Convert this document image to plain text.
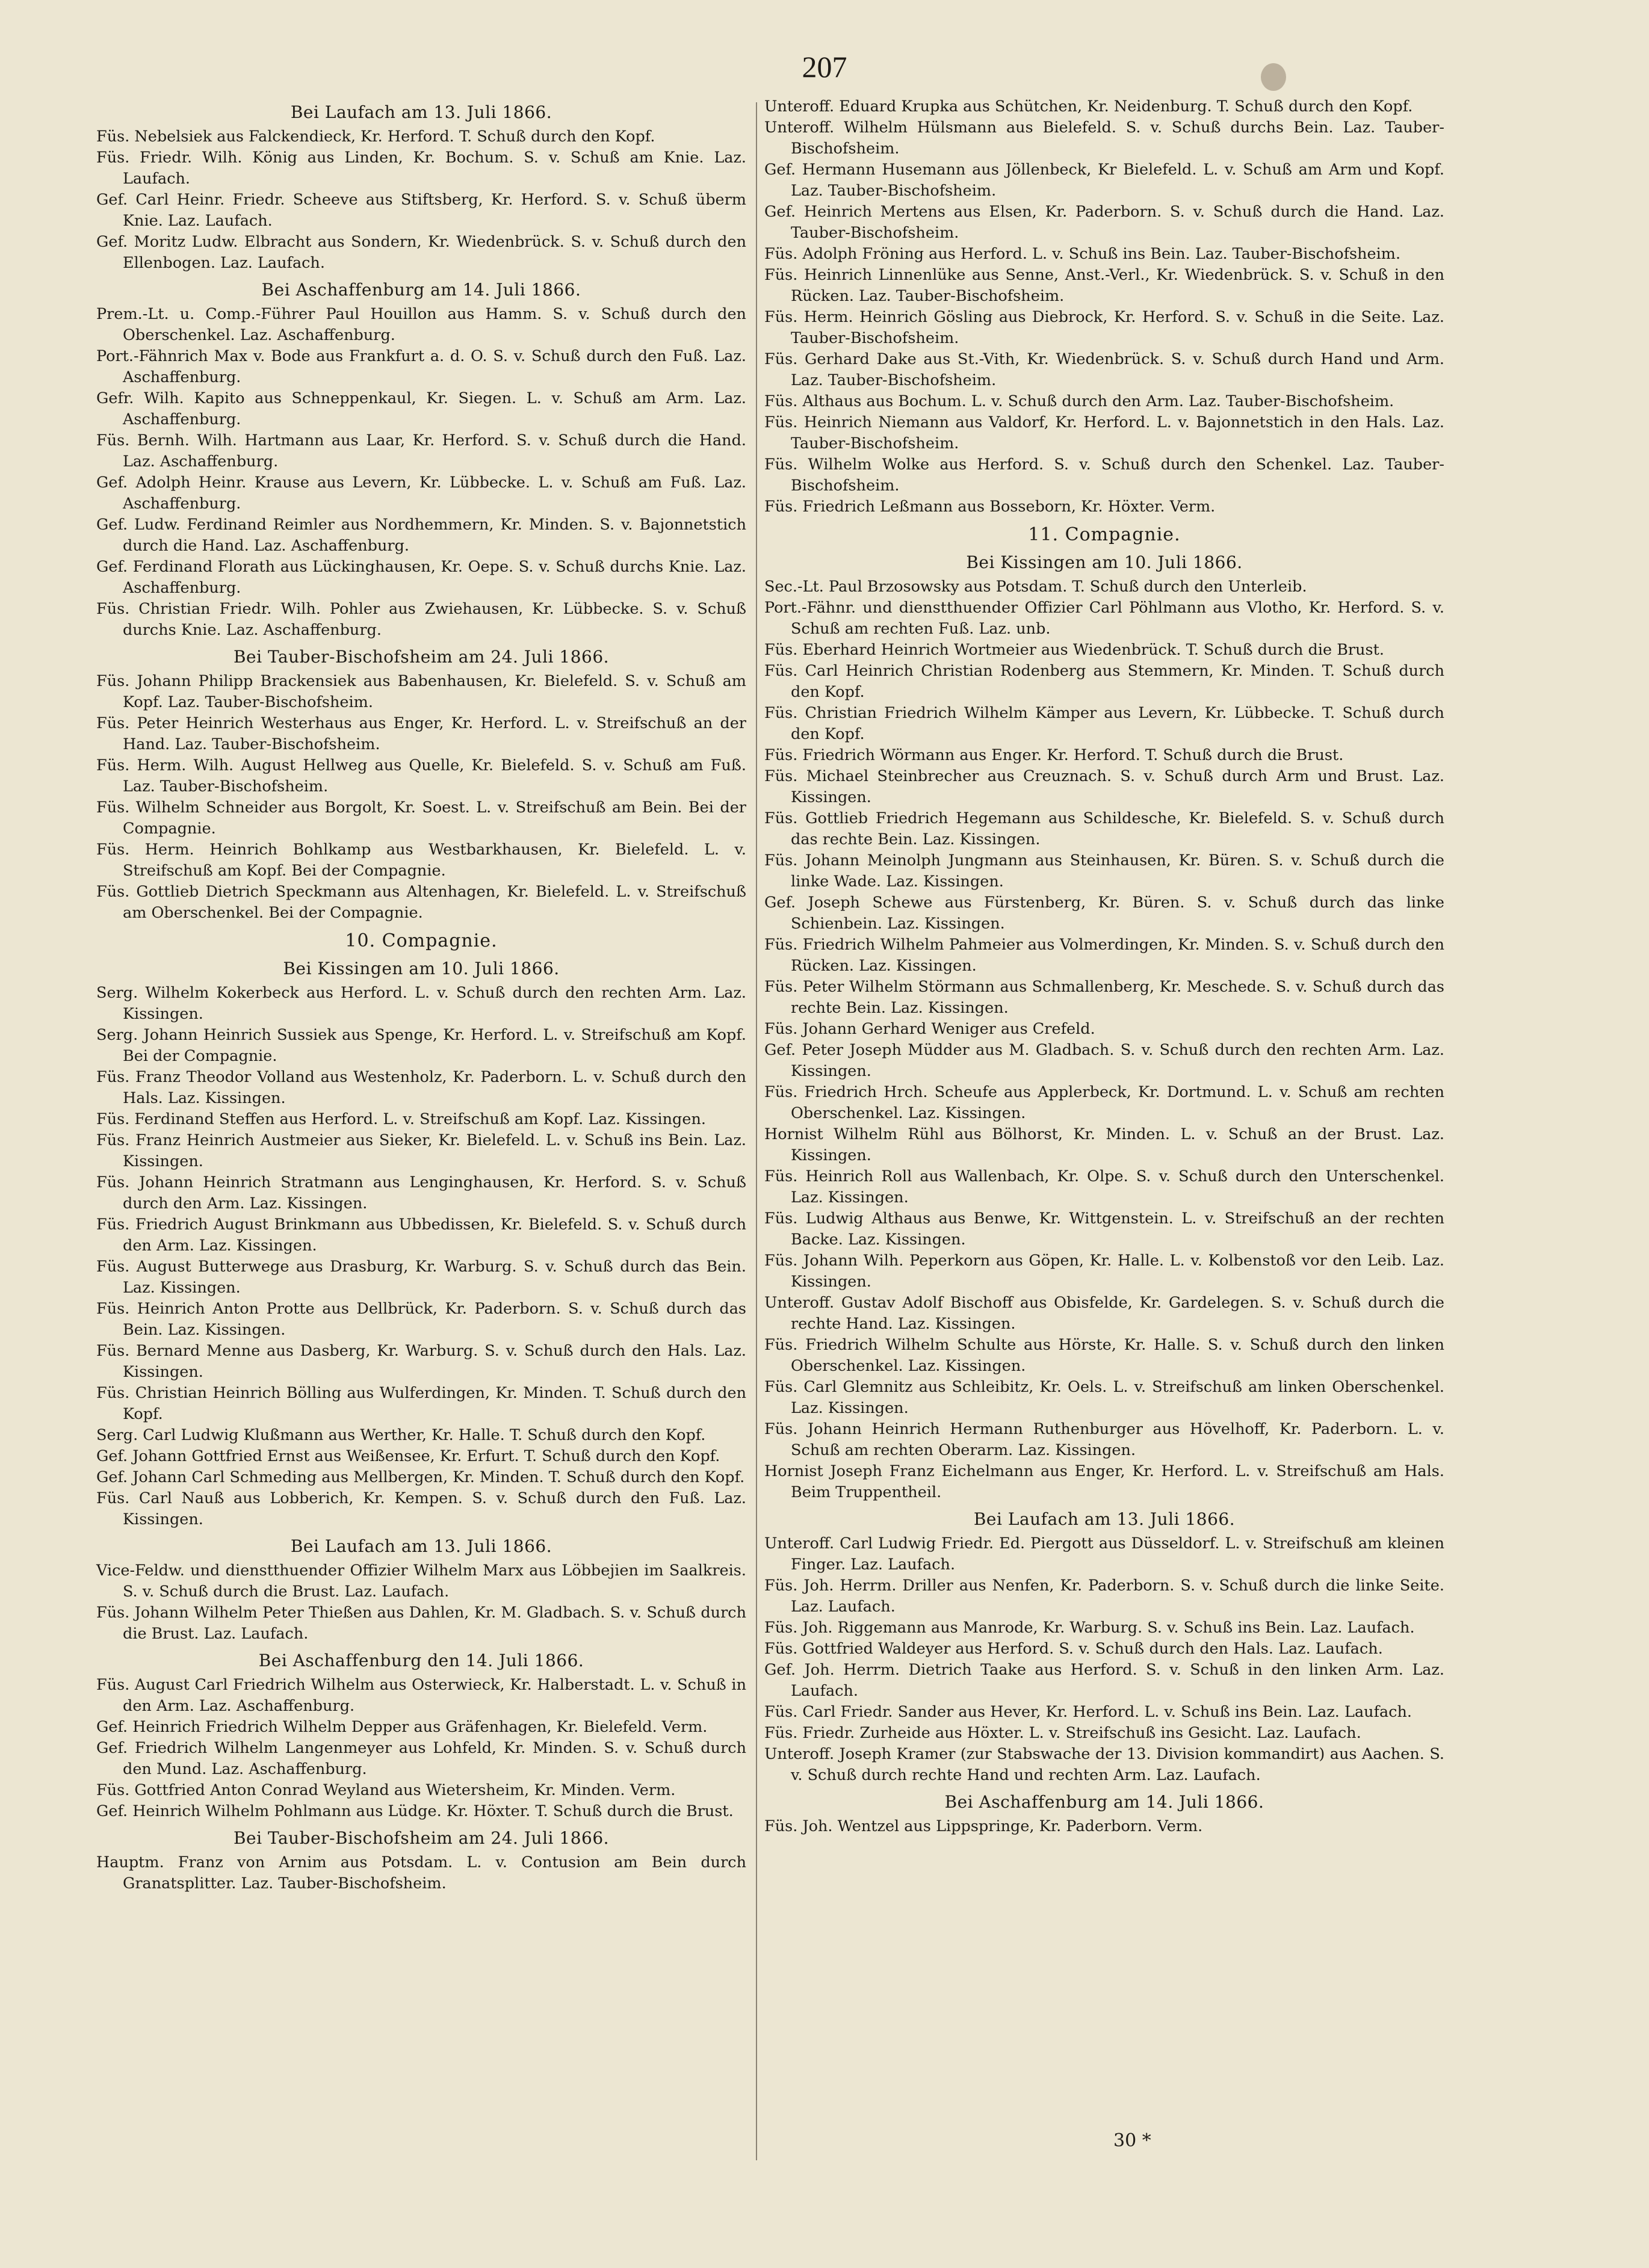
207
Bei Laufach am 13. Juli 1866.
Füs. Nebelsiek aus Falckendieck, Kr. Herford. T. Schuß durch den Kopf.
Füs. Friedr. Wilh. König aus Linden, Kr. Bochum. S. v. Schuß am Knie. Laz. Laufach.
Gef. Carl Heinr. Friedr. Scheeve aus Stiftsberg, Kr. Herford. S. v. Schuß überm Knie. Laz. Laufach.
Gef. Moritz Ludw. Elbracht aus Sondern, Kr. Wiedenbrück. S. v. Schuß durch den Ellenbogen. Laz. Laufach.
Bei Aschaffenburg am 14. Juli 1866.
Prem.-Lt. u. Comp.-Führer Paul Houillon aus Hamm. S. v. Schuß durch den Oberschenkel. Laz. Aschaffenburg.
Port.-Fähnrich Max v. Bode aus Frankfurt a. d. O. S. v. Schuß durch den Fuß. Laz. Aschaffenburg.
Gefr. Wilh. Kapito aus Schneppenkaul, Kr. Siegen. L. v. Schuß am Arm. Laz. Aschaffenburg.
Füs. Bernh. Wilh. Hartmann aus Laar, Kr. Herford. S. v. Schuß durch die Hand. Laz. Aschaffenburg.
Gef. Adolph Heinr. Krause aus Levern, Kr. Lübbecke. L. v. Schuß am Fuß. Laz. Aschaffenburg.
Gef. Ludw. Ferdinand Reimler aus Nordhemmern, Kr. Minden. S. v. Bajonnetstich durch die Hand. Laz. Aschaffenburg.
Gef. Ferdinand Florath aus Lückinghausen, Kr. Oepe. S. v. Schuß durchs Knie. Laz. Aschaffenburg.
Füs. Christian Friedr. Wilh. Pohler aus Zwiehausen, Kr. Lübbecke. S. v. Schuß durchs Knie. Laz. Aschaffenburg.
Bei Tauber-Bischofsheim am 24. Juli 1866.
Füs. Johann Philipp Brackensiek aus Babenhausen, Kr. Bielefeld. S. v. Schuß am Kopf. Laz. Tauber-Bischofsheim.
Füs. Peter Heinrich Westerhaus aus Enger, Kr. Herford. L. v. Streifschuß an der Hand. Laz. Tauber-Bischofsheim.
Füs. Herm. Wilh. August Hellweg aus Quelle, Kr. Bielefeld. S. v. Schuß am Fuß. Laz. Tauber-Bischofsheim.
Füs. Wilhelm Schneider aus Borgolt, Kr. Soest. L. v. Streifschuß am Bein. Bei der Compagnie.
Füs. Herm. Heinrich Bohlkamp aus Westbarkhausen, Kr. Bielefeld. L. v. Streifschuß am Kopf. Bei der Compagnie.
Füs. Gottlieb Dietrich Speckmann aus Altenhagen, Kr. Bielefeld. L. v. Streifschuß am Oberschenkel. Bei der Compagnie.
10. Compagnie.
Bei Kissingen am 10. Juli 1866.
Serg. Wilhelm Kokerbeck aus Herford. L. v. Schuß durch den rechten Arm. Laz. Kissingen.
Serg. Johann Heinrich Sussiek aus Spenge, Kr. Herford. L. v. Streifschuß am Kopf. Bei der Compagnie.
Füs. Franz Theodor Volland aus Westenholz, Kr. Paderborn. L. v. Schuß durch den Hals. Laz. Kissingen.
Füs. Ferdinand Steffen aus Herford. L. v. Streifschuß am Kopf. Laz. Kissingen.
Füs. Franz Heinrich Austmeier aus Sieker, Kr. Bielefeld. L. v. Schuß ins Bein. Laz. Kissingen.
Füs. Johann Heinrich Stratmann aus Lenginghausen, Kr. Herford. S. v. Schuß durch den Arm. Laz. Kissingen.
Füs. Friedrich August Brinkmann aus Ubbedissen, Kr. Bielefeld. S. v. Schuß durch den Arm. Laz. Kissingen.
Füs. August Butterwege aus Drasburg, Kr. Warburg. S. v. Schuß durch das Bein. Laz. Kissingen.
Füs. Heinrich Anton Protte aus Dellbrück, Kr. Paderborn. S. v. Schuß durch das Bein. Laz. Kissingen.
Füs. Bernard Menne aus Dasberg, Kr. Warburg. S. v. Schuß durch den Hals. Laz. Kissingen.
Füs. Christian Heinrich Bölling aus Wulferdingen, Kr. Minden. T. Schuß durch den Kopf.
Serg. Carl Ludwig Klußmann aus Werther, Kr. Halle. T. Schuß durch den Kopf.
Gef. Johann Gottfried Ernst aus Weißensee, Kr. Erfurt. T. Schuß durch den Kopf.
Gef. Johann Carl Schmeding aus Mellbergen, Kr. Minden. T. Schuß durch den Kopf.
Füs. Carl Nauß aus Lobberich, Kr. Kempen. S. v. Schuß durch den Fuß. Laz. Kissingen.
Bei Laufach am 13. Juli 1866.
Vice-Feldw. und dienstthuender Offizier Wilhelm Marx aus Löbbejien im Saalkreis. S. v. Schuß durch die Brust. Laz. Laufach.
Füs. Johann Wilhelm Peter Thießen aus Dahlen, Kr. M. Gladbach. S. v. Schuß durch die Brust. Laz. Laufach.
Bei Aschaffenburg den 14. Juli 1866.
Füs. August Carl Friedrich Wilhelm aus Osterwieck, Kr. Halberstadt. L. v. Schuß in den Arm. Laz. Aschaffenburg.
Gef. Heinrich Friedrich Wilhelm Depper aus Gräfenhagen, Kr. Bielefeld. Verm.
Gef. Friedrich Wilhelm Langenmeyer aus Lohfeld, Kr. Minden. S. v. Schuß durch den Mund. Laz. Aschaffenburg.
Füs. Gottfried Anton Conrad Weyland aus Wietersheim, Kr. Minden. Verm.
Gef. Heinrich Wilhelm Pohlmann aus Lüdge. Kr. Höxter. T. Schuß durch die Brust.
Bei Tauber-Bischofsheim am 24. Juli 1866.
Hauptm. Franz von Arnim aus Potsdam. L. v. Contusion am Bein durch Granatsplitter. Laz. Tauber-Bischofsheim.
Unteroff. Eduard Krupka aus Schütchen, Kr. Neidenburg. T. Schuß durch den Kopf.
Unteroff. Wilhelm Hülsmann aus Bielefeld. S. v. Schuß durchs Bein. Laz. Tauber-Bischofsheim.
Gef. Hermann Husemann aus Jöllenbeck, Kr Bielefeld. L. v. Schuß am Arm und Kopf. Laz. Tauber-Bischofsheim.
Gef. Heinrich Mertens aus Elsen, Kr. Paderborn. S. v. Schuß durch die Hand. Laz. Tauber-Bischofsheim.
Füs. Adolph Fröning aus Herford. L. v. Schuß ins Bein. Laz. Tauber-Bischofsheim.
Füs. Heinrich Linnenlüke aus Senne, Anst.-Verl., Kr. Wiedenbrück. S. v. Schuß in den Rücken. Laz. Tauber-Bischofsheim.
Füs. Herm. Heinrich Gösling aus Diebrock, Kr. Herford. S. v. Schuß in die Seite. Laz. Tauber-Bischofsheim.
Füs. Gerhard Dake aus St.-Vith, Kr. Wiedenbrück. S. v. Schuß durch Hand und Arm. Laz. Tauber-Bischofsheim.
Füs. Althaus aus Bochum. L. v. Schuß durch den Arm. Laz. Tauber-Bischofsheim.
Füs. Heinrich Niemann aus Valdorf, Kr. Herford. L. v. Bajonnetstich in den Hals. Laz. Tauber-Bischofsheim.
Füs. Wilhelm Wolke aus Herford. S. v. Schuß durch den Schenkel. Laz. Tauber-Bischofsheim.
Füs. Friedrich Leßmann aus Bosseborn, Kr. Höxter. Verm.
11. Compagnie.
Bei Kissingen am 10. Juli 1866.
Sec.-Lt. Paul Brzosowsky aus Potsdam. T. Schuß durch den Unterleib.
Port.-Fähnr. und dienstthuender Offizier Carl Pöhlmann aus Vlotho, Kr. Herford. S. v. Schuß am rechten Fuß. Laz. unb.
Füs. Eberhard Heinrich Wortmeier aus Wiedenbrück. T. Schuß durch die Brust.
Füs. Carl Heinrich Christian Rodenberg aus Stemmern, Kr. Minden. T. Schuß durch den Kopf.
Füs. Christian Friedrich Wilhelm Kämper aus Levern, Kr. Lübbecke. T. Schuß durch den Kopf.
Füs. Friedrich Wörmann aus Enger. Kr. Herford. T. Schuß durch die Brust.
Füs. Michael Steinbrecher aus Creuznach. S. v. Schuß durch Arm und Brust. Laz. Kissingen.
Füs. Gottlieb Friedrich Hegemann aus Schildesche, Kr. Bielefeld. S. v. Schuß durch das rechte Bein. Laz. Kissingen.
Füs. Johann Meinolph Jungmann aus Steinhausen, Kr. Büren. S. v. Schuß durch die linke Wade. Laz. Kissingen.
Gef. Joseph Schewe aus Fürstenberg, Kr. Büren. S. v. Schuß durch das linke Schienbein. Laz. Kissingen.
Füs. Friedrich Wilhelm Pahmeier aus Volmerdingen, Kr. Minden. S. v. Schuß durch den Rücken. Laz. Kissingen.
Füs. Peter Wilhelm Störmann aus Schmallenberg, Kr. Meschede. S. v. Schuß durch das rechte Bein. Laz. Kissingen.
Füs. Johann Gerhard Weniger aus Crefeld.
Gef. Peter Joseph Müdder aus M. Gladbach. S. v. Schuß durch den rechten Arm. Laz. Kissingen.
Füs. Friedrich Hrch. Scheufe aus Applerbeck, Kr. Dortmund. L. v. Schuß am rechten Oberschenkel. Laz. Kissingen.
Hornist Wilhelm Rühl aus Bölhorst, Kr. Minden. L. v. Schuß an der Brust. Laz. Kissingen.
Füs. Heinrich Roll aus Wallenbach, Kr. Olpe. S. v. Schuß durch den Unterschenkel. Laz. Kissingen.
Füs. Ludwig Althaus aus Benwe, Kr. Wittgenstein. L. v. Streifschuß an der rechten Backe. Laz. Kissingen.
Füs. Johann Wilh. Peperkorn aus Göpen, Kr. Halle. L. v. Kolbenstoß vor den Leib. Laz. Kissingen.
Unteroff. Gustav Adolf Bischoff aus Obisfelde, Kr. Gardelegen. S. v. Schuß durch die rechte Hand. Laz. Kissingen.
Füs. Friedrich Wilhelm Schulte aus Hörste, Kr. Halle. S. v. Schuß durch den linken Oberschenkel. Laz. Kissingen.
Füs. Carl Glemnitz aus Schleibitz, Kr. Oels. L. v. Streifschuß am linken Oberschenkel. Laz. Kissingen.
Füs. Johann Heinrich Hermann Ruthenburger aus Hövelhoff, Kr. Paderborn. L. v. Schuß am rechten Oberarm. Laz. Kissingen.
Hornist Joseph Franz Eichelmann aus Enger, Kr. Herford. L. v. Streifschuß am Hals. Beim Truppentheil.
Bei Laufach am 13. Juli 1866.
Unteroff. Carl Ludwig Friedr. Ed. Piergott aus Düsseldorf. L. v. Streifschuß am kleinen Finger. Laz. Laufach.
Füs. Joh. Herrm. Driller aus Nenfen, Kr. Paderborn. S. v. Schuß durch die linke Seite. Laz. Laufach.
Füs. Joh. Riggemann aus Manrode, Kr. Warburg. S. v. Schuß ins Bein. Laz. Laufach.
Füs. Gottfried Waldeyer aus Herford. S. v. Schuß durch den Hals. Laz. Laufach.
Gef. Joh. Herrm. Dietrich Taake aus Herford. S. v. Schuß in den linken Arm. Laz. Laufach.
Füs. Carl Friedr. Sander aus Hever, Kr. Herford. L. v. Schuß ins Bein. Laz. Laufach.
Füs. Friedr. Zurheide aus Höxter. L. v. Streifschuß ins Gesicht. Laz. Laufach.
Unteroff. Joseph Kramer (zur Stabswache der 13. Division kommandirt) aus Aachen. S. v. Schuß durch rechte Hand und rechten Arm. Laz. Laufach.
Bei Aschaffenburg am 14. Juli 1866.
Füs. Joh. Wentzel aus Lippspringe, Kr. Paderborn. Verm.
30 *
